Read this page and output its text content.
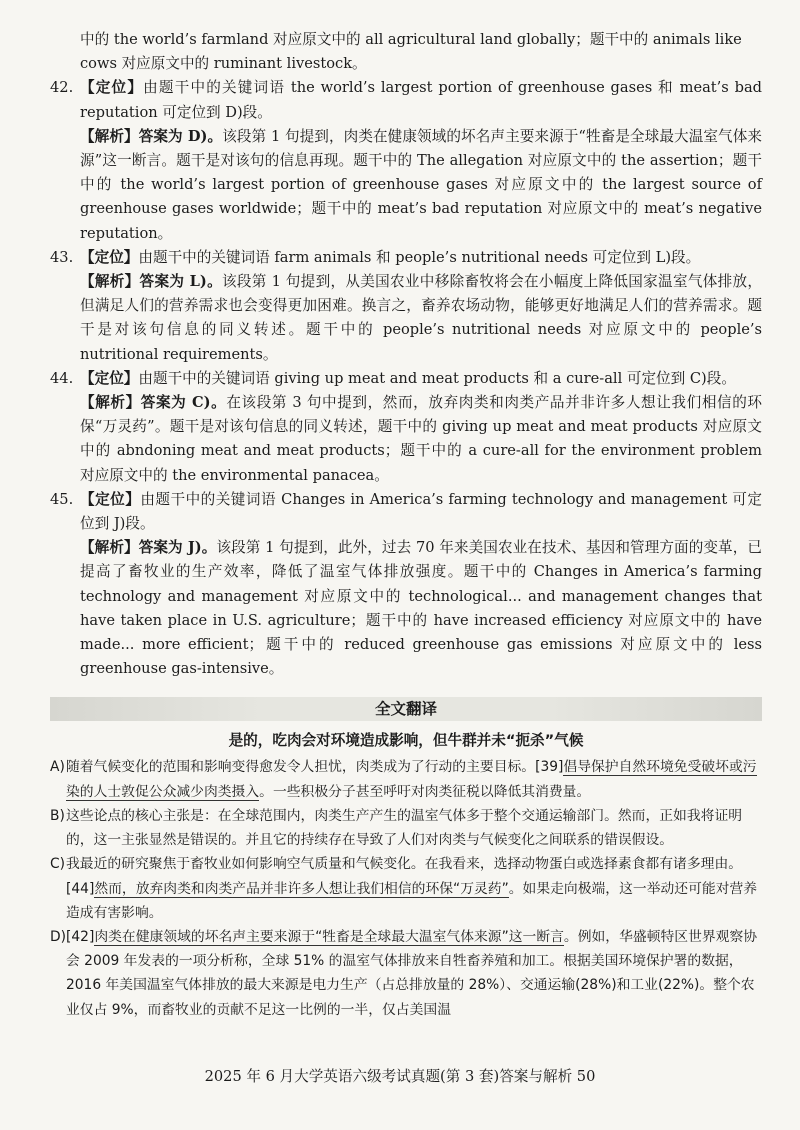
中的 the world’s farmland 对应原文中的 all agricultural land globally；题干中的 animals like
cows 对应原文中的 ruminant livestock。

42. 【定位】由题干中的关键词语 the world’s largest portion of greenhouse gases 和 meat’s bad reputation 可定位到 D)段。

【解析】答案为 D)。该段第 1 句提到，肉类在健康领域的坏名声主要来源于“牲畜是全球最大温室气体来源”这一断言。题干是对该句的信息再现。题干中的 The allegation 对应原文中的 the assertion；题干中的 the world’s largest portion of greenhouse gases 对应原文中的 the largest source of greenhouse gases worldwide；题干中的 meat’s bad reputation 对应原文中的 meat’s negative reputation。

43. 【定位】由题干中的关键词语 farm animals 和 people’s nutritional needs 可定位到 L)段。

【解析】答案为 L)。该段第 1 句提到，从美国农业中移除畜牧将会在小幅度上降低国家温室气体排放，但满足人们的营养需求也会变得更加困难。换言之，畜养农场动物，能够更好地满足人们的营养需求。题干是对该句信息的同义转述。题干中的 people’s nutritional needs 对应原文中的 people’s nutritional requirements。

44. 【定位】由题干中的关键词语 giving up meat and meat products 和 a cure-all 可定位到 C)段。

【解析】答案为 C)。在该段第 3 句中提到，然而，放弃肉类和肉类产品并非许多人想让我们相信的环保“万灵药”。题干是对该句信息的同义转述，题干中的 giving up meat and meat products 对应原文中的 abndoning meat and meat products；题干中的 a cure-all for the environment problem 对应原文中的 the environmental panacea。

45. 【定位】由题干中的关键词语 Changes in America’s farming technology and management 可定位到 J)段。

【解析】答案为 J)。该段第 1 句提到，此外，过去 70 年来美国农业在技术、基因和管理方面的变革，已提高了畜牧业的生产效率，降低了温室气体排放强度。题干中的 Changes in America’s farming technology and management 对应原文中的 technological... and management changes that have taken place in U.S. agriculture；题干中的 have increased efficiency 对应原文中的 have made... more efficient；题干中的 reduced greenhouse gas emissions 对应原文中的 less greenhouse gas-intensive。

全文翻译

是的，吃肉会对环境造成影响，但牛群并未“扼杀”气候

A) 随着气候变化的范围和影响变得愈发令人担忧，肉类成为了行动的主要目标。[39]倡导保护自然环境免受破坏或污染的人士敦促公众减少肉类摄入。一些积极分子甚至呼吁对肉类征税以降低其消费量。

B) 这些论点的核心主张是：在全球范围内，肉类生产产生的温室气体多于整个交通运输部门。然而，正如我将证明的，这一主张显然是错误的。并且它的持续存在导致了人们对肉类与气候变化之间联系的错误假设。

C) 我最近的研究聚焦于畜牧业如何影响空气质量和气候变化。在我看来，选择动物蛋白或选择素食都有诸多理由。[44]然而，放弃肉类和肉类产品并非许多人想让我们相信的环保“万灵药”。如果走向极端，这一举动还可能对营养造成有害影响。

D) [42]肉类在健康领域的坏名声主要来源于“牲畜是全球最大温室气体来源”这一断言。例如，华盛顿特区世界观察协会 2009 年发表的一项分析称，全球 51% 的温室气体排放来自牲畜养殖和加工。根据美国环境保护署的数据，2016 年美国温室气体排放的最大来源是电力生产（占总排放量的 28%）、交通运输(28%)和工业(22%)。整个农业仅占 9%，而畜牧业的贡献不足这一比例的一半，仅占美国温

2025 年 6 月大学英语六级考试真题(第 3 套)答案与解析 50
